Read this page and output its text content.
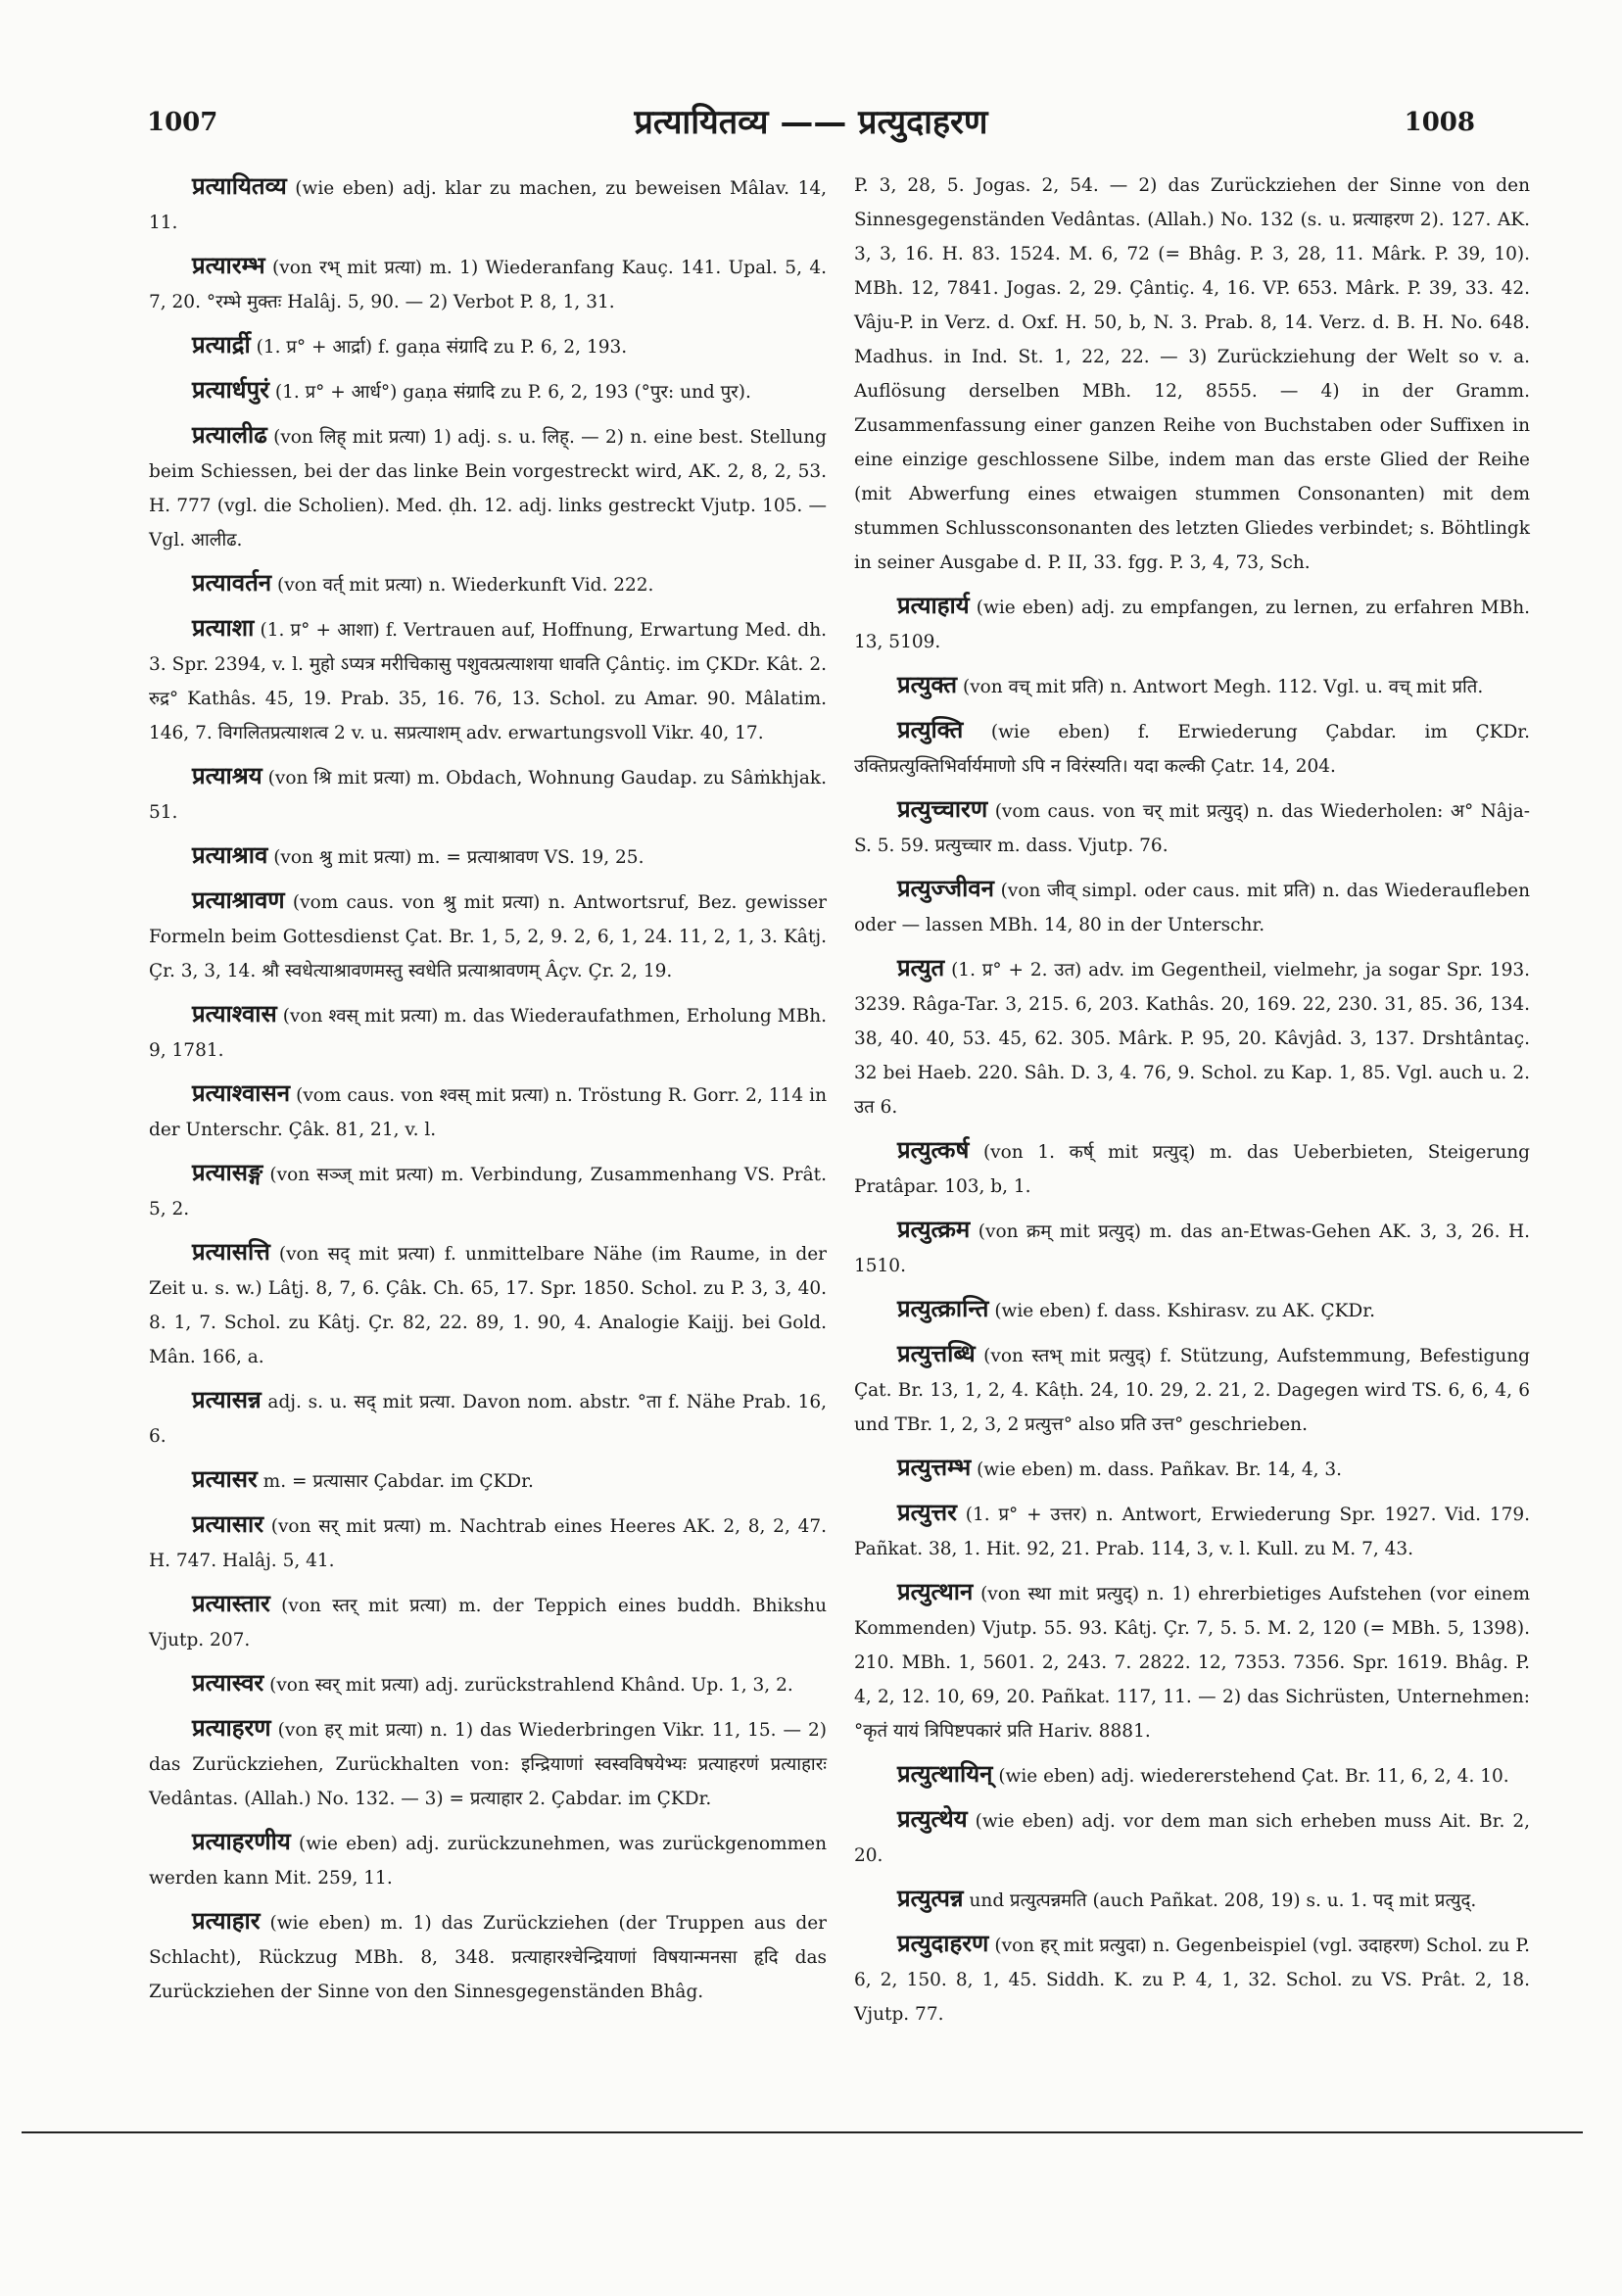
1007	प्रत्यायितव्य —— प्रत्युदाहरण	1008

प्रत्यायितव्य (wie eben) adj. klar zu machen, zu beweisen Mâlav. 14, 11.

प्रत्यारम्भ (von रभ् mit प्रत्या) m. 1) Wiederanfang Kauç. 141. Upal. 5, 4. 7, 20. °रम्भे मुक्तः Halâj. 5, 90. — 2) Verbot P. 8, 1, 31.

प्रत्यार्द्री (1. प्र° + आर्द्रा) f. gaṇa संग्रादि zu P. 6, 2, 193.

प्रत्यार्धपुरं (1. प्र° + आर्ध°) gaṇa संग्रादि zu P. 6, 2, 193 (°पुर: und पुर).

प्रत्यालीढ (von लिह् mit प्रत्या) 1) adj. s. u. लिह्. — 2) n. eine best. Stellung beim Schiessen, bei der das linke Bein vorgestreckt wird, AK. 2, 8, 2, 53. H. 777 (vgl. die Scholien). Med. ḍh. 12. adj. links gestreckt Vjutp. 105. — Vgl. आलीढ.

प्रत्यावर्तन (von वर्त् mit प्रत्या) n. Wiederkunft Vid. 222.

प्रत्याशा (1. प्र° + आशा) f. Vertrauen auf, Hoffnung, Erwartung Med. dh. 3. Spr. 2394, v. l. मुहो ऽप्यत्र मरीचिकासु पशुवत्प्रत्याशया धावति Çântiç. im ÇKDr. Kât. 2. रुद्र° Kathâs. 45, 19. Prab. 35, 16. 76, 13. Schol. zu Amar. 90. Mâlatim. 146, 7. विगलितप्रत्याशत्व 2 v. u. सप्रत्याशम् adv. erwartungsvoll Vikr. 40, 17.

प्रत्याश्रय (von श्रि mit प्रत्या) m. Obdach, Wohnung Gaudap. zu Sâṁkhjak. 51.

प्रत्याश्राव (von श्रु mit प्रत्या) m. = प्रत्याश्रावण VS. 19, 25.

प्रत्याश्रावण (vom caus. von श्रु mit प्रत्या) n. Antwortsruf, Bez. gewisser Formeln beim Gottesdienst Çat. Br. 1, 5, 2, 9. 2, 6, 1, 24. 11, 2, 1, 3. Kâtj. Çr. 3, 3, 14. श्रौ स्वधेत्याश्रावणमस्तु स्वधेति प्रत्याश्रावणम् Âçv. Çr. 2, 19.

प्रत्याश्वास (von श्वस् mit प्रत्या) m. das Wiederaufathmen, Erholung MBh. 9, 1781.

प्रत्याश्वासन (vom caus. von श्वस् mit प्रत्या) n. Tröstung R. Gorr. 2, 114 in der Unterschr. Çâk. 81, 21, v. l.

प्रत्यासङ्ग (von सञ्ज् mit प्रत्या) m. Verbindung, Zusammenhang VS. Prât. 5, 2.

प्रत्यासत्ति (von सद् mit प्रत्या) f. unmittelbare Nähe (im Raume, in der Zeit u. s. w.) Lâṭj. 8, 7, 6. Çâk. Ch. 65, 17. Spr. 1850. Schol. zu P. 3, 3, 40. 8. 1, 7. Schol. zu Kâtj. Çr. 82, 22. 89, 1. 90, 4. Analogie Kaijj. bei Gold. Mân. 166, a.

प्रत्यासन्न adj. s. u. सद् mit प्रत्या. Davon nom. abstr. °ता f. Nähe Prab. 16, 6.

प्रत्यासर m. = प्रत्यासार Çabdar. im ÇKDr.

प्रत्यासार (von सर् mit प्रत्या) m. Nachtrab eines Heeres AK. 2, 8, 2, 47. H. 747. Halâj. 5, 41.

प्रत्यास्तार (von स्तर् mit प्रत्या) m. der Teppich eines buddh. Bhikshu Vjutp. 207.

प्रत्यास्वर (von स्वर् mit प्रत्या) adj. zurückstrahlend Khând. Up. 1, 3, 2.

प्रत्याहरण (von हर् mit प्रत्या) n. 1) das Wiederbringen Vikr. 11, 15. — 2) das Zurückziehen, Zurückhalten von: इन्द्रियाणां स्वस्वविषयेभ्यः प्रत्याहरणं प्रत्याहारः Vedântas. (Allah.) No. 132. — 3) = प्रत्याहार 2. Çabdar. im ÇKDr.

प्रत्याहरणीय (wie eben) adj. zurückzunehmen, was zurückgenommen werden kann Mit. 259, 11.

प्रत्याहार (wie eben) m. 1) das Zurückziehen (der Truppen aus der Schlacht), Rückzug MBh. 8, 348. प्रत्याहारश्चेन्द्रियाणां विषयान्मनसा हृदि das Zurückziehen der Sinne von den Sinnesgegenständen Bhâg.

P. 3, 28, 5. Jogas. 2, 54. — 2) das Zurückziehen der Sinne von den Sinnesgegenständen Vedântas. (Allah.) No. 132 (s. u. प्रत्याहरण 2). 127. AK. 3, 3, 16. H. 83. 1524. M. 6, 72 (= Bhâg. P. 3, 28, 11. Mârk. P. 39, 10). MBh. 12, 7841. Jogas. 2, 29. Çântiç. 4, 16. VP. 653. Mârk. P. 39, 33. 42. Vâju-P. in Verz. d. Oxf. H. 50, b, N. 3. Prab. 8, 14. Verz. d. B. H. No. 648. Madhus. in Ind. St. 1, 22, 22. — 3) Zurückziehung der Welt so v. a. Auflösung derselben MBh. 12, 8555. — 4) in der Gramm. Zusammenfassung einer ganzen Reihe von Buchstaben oder Suffixen in eine einzige geschlossene Silbe, indem man das erste Glied der Reihe (mit Abwerfung eines etwaigen stummen Consonanten) mit dem stummen Schlussconsonanten des letzten Gliedes verbindet; s. Böhtlingk in seiner Ausgabe d. P. II, 33. fgg. P. 3, 4, 73, Sch.

प्रत्याहार्य (wie eben) adj. zu empfangen, zu lernen, zu erfahren MBh. 13, 5109.

प्रत्युक्त (von वच् mit प्रति) n. Antwort Megh. 112. Vgl. u. वच् mit प्रति.

प्रत्युक्ति (wie eben) f. Erwiederung Çabdar. im ÇKDr. उक्तिप्रत्युक्तिभिर्वार्यमाणो ऽपि न विरंस्यति। यदा कल्की Çatr. 14, 204.

प्रत्युच्चारण (vom caus. von चर् mit प्रत्युद्) n. das Wiederholen: अ° Nâja-S. 5. 59. प्रत्युच्चार m. dass. Vjutp. 76.

प्रत्युज्जीवन (von जीव् simpl. oder caus. mit प्रति) n. das Wiederaufleben oder — lassen MBh. 14, 80 in der Unterschr.

प्रत्युत (1. प्र° + 2. उत) adv. im Gegentheil, vielmehr, ja sogar Spr. 193. 3239. Râga-Tar. 3, 215. 6, 203. Kathâs. 20, 169. 22, 230. 31, 85. 36, 134. 38, 40. 40, 53. 45, 62. 305. Mârk. P. 95, 20. Kâvjâd. 3, 137. Drshtântaç. 32 bei Haeb. 220. Sâh. D. 3, 4. 76, 9. Schol. zu Kap. 1, 85. Vgl. auch u. 2. उत 6.

प्रत्युत्कर्ष (von 1. कर्ष् mit प्रत्युद्) m. das Ueberbieten, Steigerung Pratâpar. 103, b, 1.

प्रत्युत्क्रम (von क्रम् mit प्रत्युद्) m. das an-Etwas-Gehen AK. 3, 3, 26. H. 1510.

प्रत्युत्क्रान्ति (wie eben) f. dass. Kshirasv. zu AK. ÇKDr.

प्रत्युत्तब्धि (von स्तभ् mit प्रत्युद्) f. Stützung, Aufstemmung, Befestigung Çat. Br. 13, 1, 2, 4. Kâṭh. 24, 10. 29, 2. 21, 2. Dagegen wird TS. 6, 6, 4, 6 und TBr. 1, 2, 3, 2 प्रत्युत्त° also प्रति उत्त° geschrieben.

प्रत्युत्तम्भ (wie eben) m. dass. Pañkav. Br. 14, 4, 3.

प्रत्युत्तर (1. प्र° + उत्तर) n. Antwort, Erwiederung Spr. 1927. Vid. 179. Pañkat. 38, 1. Hit. 92, 21. Prab. 114, 3, v. l. Kull. zu M. 7, 43.

प्रत्युत्थान (von स्था mit प्रत्युद्) n. 1) ehrerbietiges Aufstehen (vor einem Kommenden) Vjutp. 55. 93. Kâtj. Çr. 7, 5. 5. M. 2, 120 (= MBh. 5, 1398). 210. MBh. 1, 5601. 2, 243. 7. 2822. 12, 7353. 7356. Spr. 1619. Bhâg. P. 4, 2, 12. 10, 69, 20. Pañkat. 117, 11. — 2) das Sichrüsten, Unternehmen: °कृतं यायं त्रिपिष्टपकारं प्रति Hariv. 8881.

प्रत्युत्थायिन् (wie eben) adj. wiedererstehend Çat. Br. 11, 6, 2, 4. 10.

प्रत्युत्थेय (wie eben) adj. vor dem man sich erheben muss Ait. Br. 2, 20.

प्रत्युत्पन्न und प्रत्युत्पन्नमति (auch Pañkat. 208, 19) s. u. 1. पद् mit प्रत्युद्.

प्रत्युदाहरण (von हर् mit प्रत्युदा) n. Gegenbeispiel (vgl. उदाहरण) Schol. zu P. 6, 2, 150. 8, 1, 45. Siddh. K. zu P. 4, 1, 32. Schol. zu VS. Prât. 2, 18. Vjutp. 77.
